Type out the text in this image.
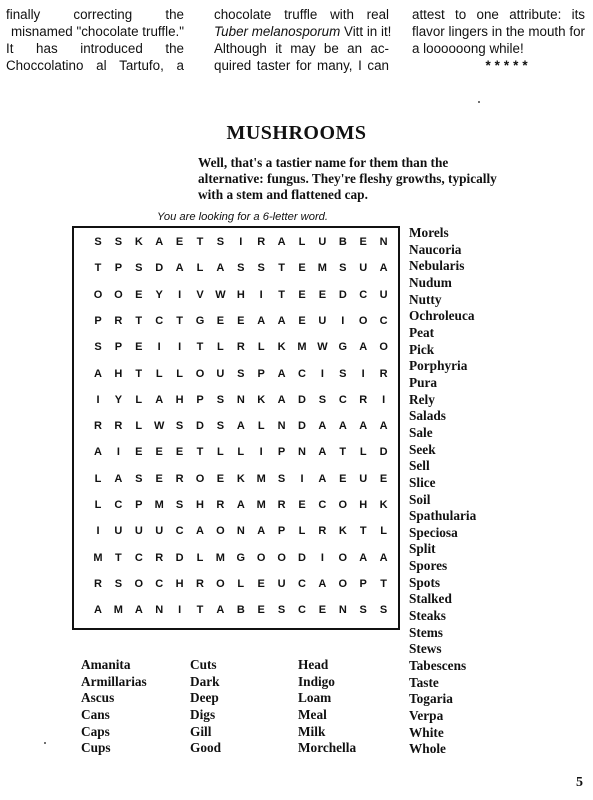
finally correcting the
misnamed "chocolate truffle."
It has introduced the
Choccolatino al Tartufo, a
chocolate truffle with real
Tuber melanosporum Vitt in it!
Although it may be an ac-
quired taster for many, I can
attest to one attribute: its
flavor lingers in the mouth for
a loooooong while!
*****
MUSHROOMS
Well, that's a tastier name for them than the alternative: fungus. They're fleshy growths, typically with a stem and flattened cap.
You are looking for a 6-letter word.
S S K A E T S	I	R A L U B E N
T P S D A L A S S T E M S U A
O O E Y	I	V W H	I	T E E D C U
P R T C T G E E A A E U	I	O C
S P E	I	I	T L R L K M W G A O
A H T L L O U S P A C	I	S	I	R
I	Y L A H P S N K A D S C R	I
R R L W S D S A L N D A A A A
A	I	E E E T L L	I	P N A T L D
L A S E R O E K M S	I	A E U E
L C P M S H R A M R E C O H K
I	U U U C A O N A P L R K T L
M T C R D L M G O O D	I	O A A
R S O C H R O L E U C A O P T
A M A N	I	T A B E S C E N S S
Morels
Naucoria
Nebularis
Nudum
Nutty
Ochroleuca
Peat
Pick
Porphyria
Pura
Rely
Salads
Sale
Seek
Sell
Slice
Soil
Spathularia
Speciosa
Split
Spores
Spots
Stalked
Steaks
Stems
Stews
Tabescens
Taste
Togaria
Verpa
White
Whole
Amanita
Armillarias
Ascus
Cans
Caps
Cups
Cuts
Dark
Deep
Digs
Gill
Good
Head
Indigo
Loam
Meal
Milk
Morchella
5
